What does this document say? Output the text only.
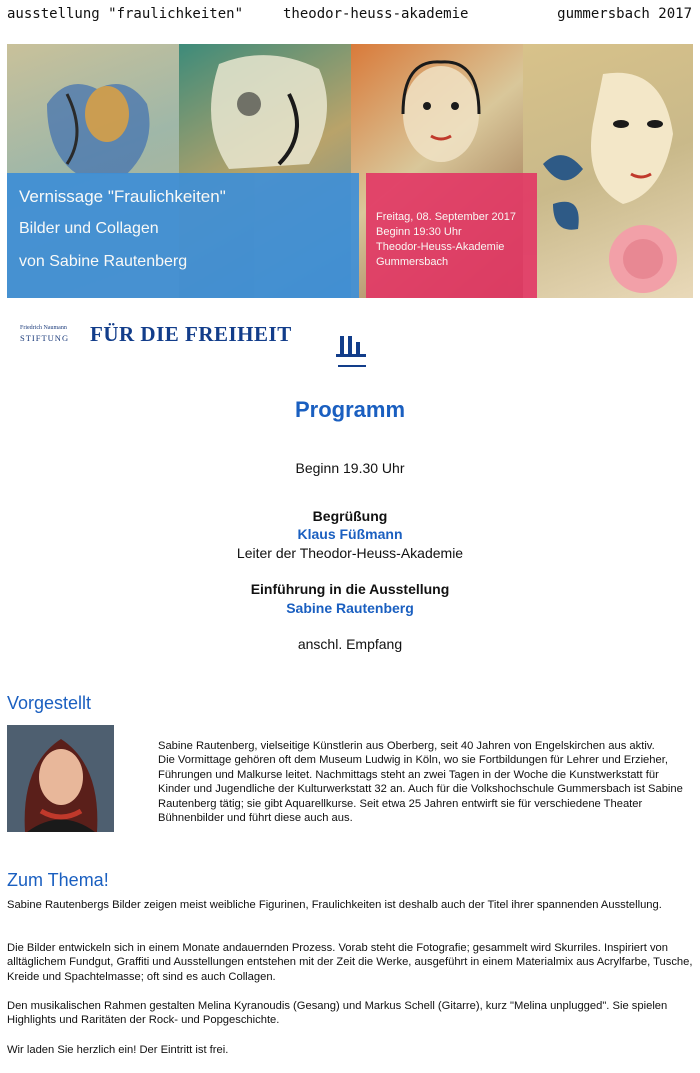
ausstellung "fraulichkeiten"	theodor-heuss-akademie	gummersbach 2017
Vernissage "Fraulichkeiten"
Bilder und Collagen
von Sabine Rautenberg
Freitag, 08. September 2017
Beginn 19:30 Uhr
Theodor-Heuss-Akademie
Gummersbach
Friedrich Naumann
STIFTUNG FÜR DIE FREIHEIT
Programm
Beginn 19.30 Uhr
Begrüßung
Klaus Füßmann
Leiter der Theodor-Heuss-Akademie
Einführung in die Ausstellung
Sabine Rautenberg
anschl. Empfang
Vorgestellt

Sabine Rautenberg, vielseitige Künstlerin aus Oberberg, seit 40 Jahren von Engelskirchen aus aktiv.

Die Vormittage gehören oft dem Museum Ludwig in Köln, wo sie Fortbildungen für Lehrer und Erzieher, Führungen und Malkurse leitet. Nachmittags steht an zwei Tagen in der Woche die Kunstwerkstatt für Kinder und Jugendliche der Kulturwerkstatt 32 an. Auch für die Volkshochschule Gummersbach ist Sabine Rautenberg tätig; sie gibt Aquarellkurse. Seit etwa 25 Jahren entwirft sie für verschiedene Theater Bühnenbilder und führt diese auch aus.

Zum Thema!

Sabine Rautenbergs Bilder zeigen meist weibliche Figurinen, Fraulichkeiten ist deshalb auch der Titel ihrer spannenden Ausstellung.

Die Bilder entwickeln sich in einem Monate andauernden Prozess. Vorab steht die Fotografie; gesammelt wird Skurriles. Inspiriert von alltäglichem Fundgut, Graffiti und Ausstellungen entstehen mit der Zeit die Werke, ausgeführt in einem Materialmix aus Acrylfarbe, Tusche, Kreide und Spachtelmasse; oft sind es auch Collagen.

Den musikalischen Rahmen gestalten Melina Kyranoudis (Gesang) und Markus Schell (Gitarre), kurz "Melina unplugged". Sie spielen Highlights und Raritäten der Rock- und Popgeschichte.

Wir laden Sie herzlich ein! Der Eintritt ist frei.
